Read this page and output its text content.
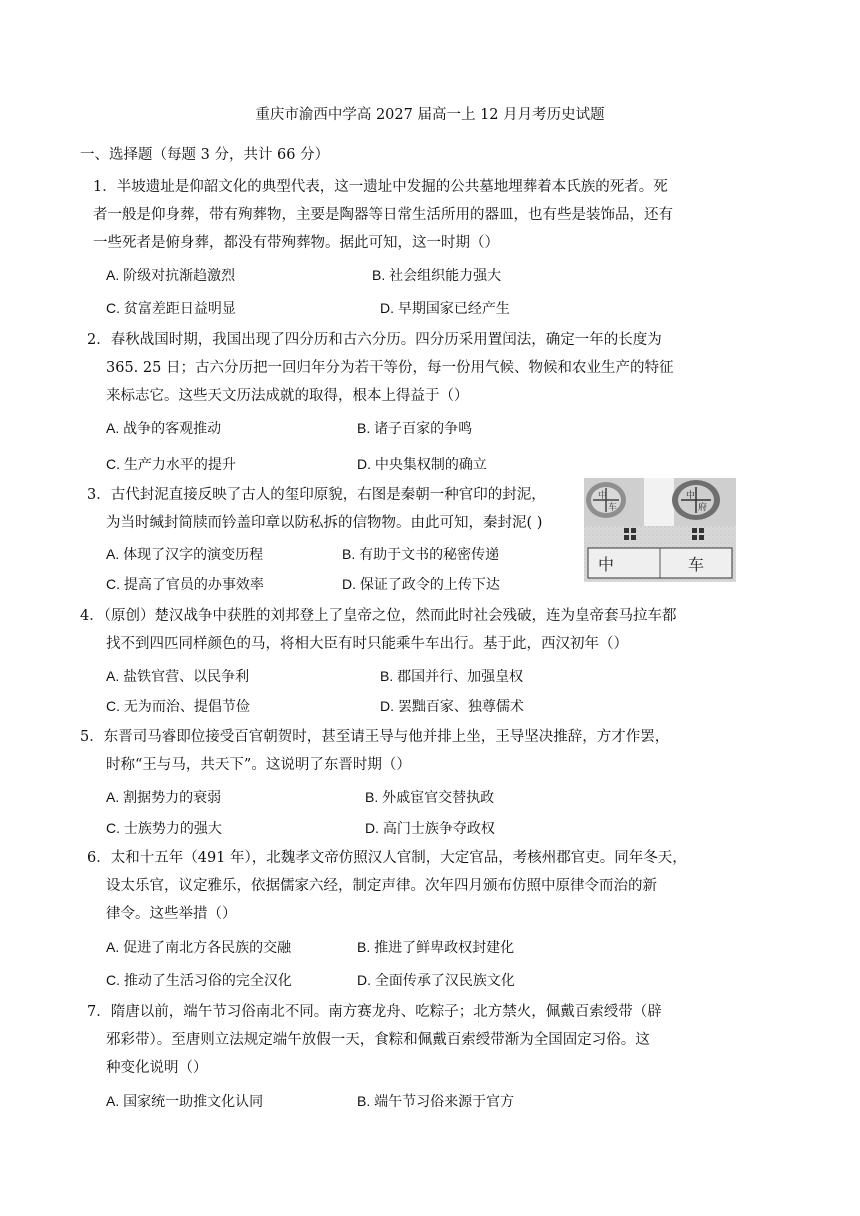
重庆市渝西中学高 2027 届高一上 12 月月考历史试题
一、选择题（每题 3 分，共计 66 分）
1．半坡遗址是仰韶文化的典型代表，这一遗址中发掘的公共墓地埋葬着本氏族的死者。死
者一般是仰身葬，带有殉葬物，主要是陶器等日常生活所用的器皿，也有些是装饰品，还有
一些死者是俯身葬，都没有带殉葬物。据此可知，这一时期（）
A. 阶级对抗渐趋激烈	B. 社会组织能力强大
C. 贫富差距日益明显	D. 早期国家已经产生
2．春秋战国时期，我国出现了四分历和古六分历。四分历采用置闰法，确定一年的长度为
365. 25 日；古六分历把一回归年分为若干等份，每一份用气候、物候和农业生产的特征
来标志它。这些天文历法成就的取得，根本上得益于（）
A. 战争的客观推动	B. 诸子百家的争鸣
C. 生产力水平的提升	D. 中央集权制的确立
3．古代封泥直接反映了古人的玺印原貌，右图是秦朝一种官印的封泥，
为当时缄封简牍而钤盖印章以防私拆的信物物。由此可知，秦封泥( )
A. 体现了汉字的演变历程	B. 有助于文书的秘密传递
C. 提高了官员的办事效率	D. 保证了政令的上传下达
中
车
中
府
中	车
4．（原创）楚汉战争中获胜的刘邦登上了皇帝之位，然而此时社会残破，连为皇帝套马拉车都
找不到四匹同样颜色的马，将相大臣有时只能乘牛车出行。基于此，西汉初年（）
A. 盐铁官营、以民争利	B. 郡国并行、加强皇权
C. 无为而治、提倡节俭	D. 罢黜百家、独尊儒术
5．东晋司马睿即位接受百官朝贺时，甚至请王导与他并排上坐，王导坚决推辞，方才作罢，
时称“王与马，共天下”。这说明了东晋时期（）
A. 割据势力的衰弱	B. 外戚宦官交替执政
C. 士族势力的强大	D. 高门士族争夺政权
6．太和十五年（491 年），北魏孝文帝仿照汉人官制，大定官品，考核州郡官吏。同年冬天，
设太乐官，议定雅乐，依据儒家六经，制定声律。次年四月颁布仿照中原律令而治的新
律令。这些举措（）
A. 促进了南北方各民族的交融	B. 推进了鲜卑政权封建化
C. 推动了生活习俗的完全汉化	D. 全面传承了汉民族文化
7．隋唐以前，端午节习俗南北不同。南方赛龙舟、吃粽子；北方禁火，佩戴百索绶带（辟
邪彩带）。至唐则立法规定端午放假一天，食粽和佩戴百索绶带渐为全国固定习俗。这
种变化说明（）
A. 国家统一助推文化认同	B. 端午节习俗来源于官方
